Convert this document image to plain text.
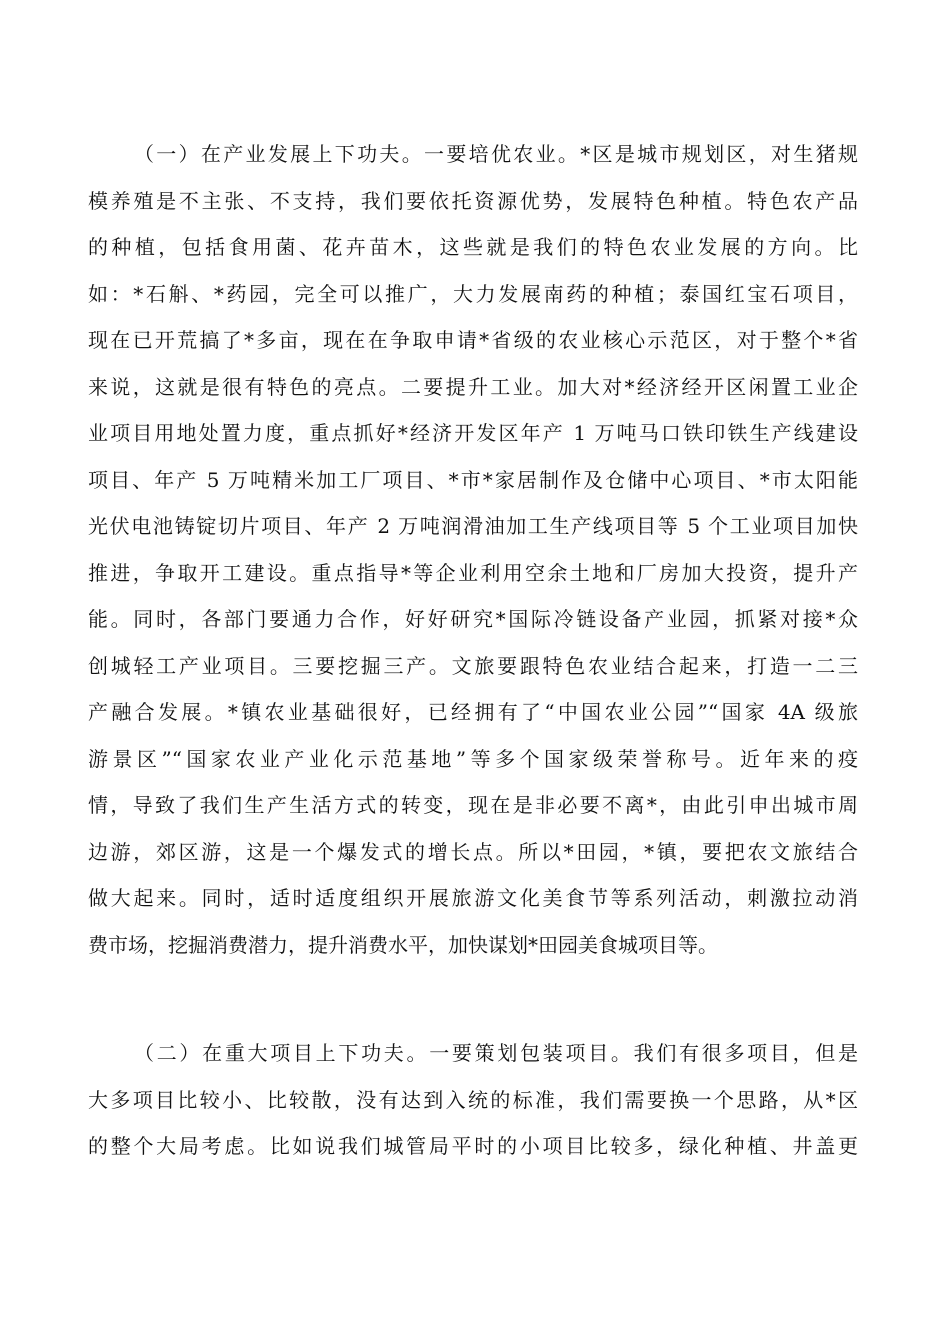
（一）在产业发展上下功夫。一要培优农业。*区是城市规划区，对生猪规
模养殖是不主张、不支持，我们要依托资源优势，发展特色种植。特色农产品
的种植，包括食用菌、花卉苗木，这些就是我们的特色农业发展的方向。比
如：*石斛、*药园，完全可以推广，大力发展南药的种植；泰国红宝石项目，
现在已开荒搞了*多亩，现在在争取申请*省级的农业核心示范区，对于整个*省
来说，这就是很有特色的亮点。二要提升工业。加大对*经济经开区闲置工业企
业项目用地处置力度，重点抓好*经济开发区年产 1 万吨马口铁印铁生产线建设
项目、年产 5 万吨精米加工厂项目、*市*家居制作及仓储中心项目、*市太阳能
光伏电池铸锭切片项目、年产 2 万吨润滑油加工生产线项目等 5 个工业项目加快
推进，争取开工建设。重点指导*等企业利用空余土地和厂房加大投资，提升产
能。同时，各部门要通力合作，好好研究*国际冷链设备产业园，抓紧对接*众
创城轻工产业项目。三要挖掘三产。文旅要跟特色农业结合起来，打造一二三
产融合发展。*镇农业基础很好，已经拥有了“中国农业公园”“国家 4A 级旅
游景区”“国家农业产业化示范基地”等多个国家级荣誉称号。近年来的疫
情，导致了我们生产生活方式的转变，现在是非必要不离*，由此引申出城市周
边游，郊区游，这是一个爆发式的增长点。所以*田园，*镇，要把农文旅结合
做大起来。同时，适时适度组织开展旅游文化美食节等系列活动，刺激拉动消
费市场，挖掘消费潜力，提升消费水平，加快谋划*田园美食城项目等。
（二）在重大项目上下功夫。一要策划包装项目。我们有很多项目，但是
大多项目比较小、比较散，没有达到入统的标准，我们需要换一个思路，从*区
的整个大局考虑。比如说我们城管局平时的小项目比较多，绿化种植、井盖更
